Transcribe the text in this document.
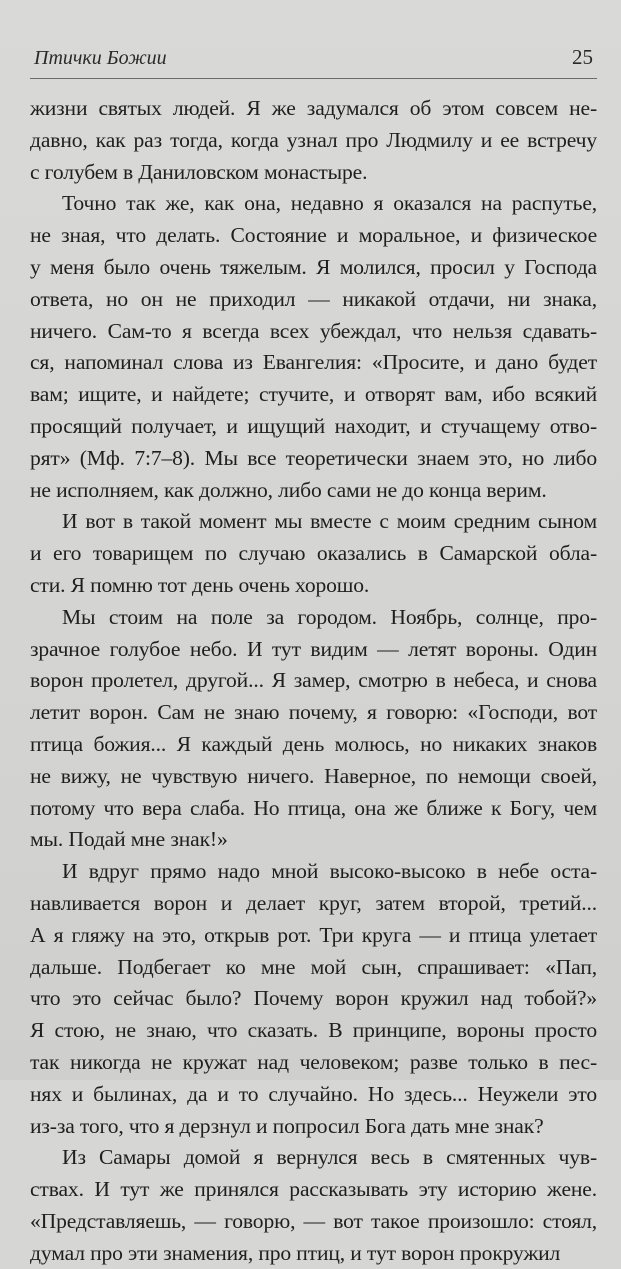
Птички Божии	25

жизни святых людей. Я же задумался об этом совсем не-
давно, как раз тогда, когда узнал про Людмилу и ее встречу
с голубем в Даниловском монастыре.

Точно так же, как она, недавно я оказался на распутье,
не зная, что делать. Состояние и моральное, и физическое
у меня было очень тяжелым. Я молился, просил у Господа
ответа, но он не приходил — никакой отдачи, ни знака,
ничего. Сам-то я всегда всех убеждал, что нельзя сдавать-
ся, напоминал слова из Евангелия: «Просите, и дано будет
вам; ищите, и найдете; стучите, и отворят вам, ибо всякий
просящий получает, и ищущий находит, и стучащему отво-
рят» (Мф. 7:7–8). Мы все теоретически знаем это, но либо
не исполняем, как должно, либо сами не до конца верим.

И вот в такой момент мы вместе с моим средним сыном
и его товарищем по случаю оказались в Самарской обла-
сти. Я помню тот день очень хорошо.

Мы стоим на поле за городом. Ноябрь, солнце, про-
зрачное голубое небо. И тут видим — летят вороны. Один
ворон пролетел, другой... Я замер, смотрю в небеса, и снова
летит ворон. Сам не знаю почему, я говорю: «Господи, вот
птица божия... Я каждый день молюсь, но никаких знаков
не вижу, не чувствую ничего. Наверное, по немощи своей,
потому что вера слаба. Но птица, она же ближе к Богу, чем
мы. Подай мне знак!»

И вдруг прямо надо мной высоко-высоко в небе оста-
навливается ворон и делает круг, затем второй, третий...
А я гляжу на это, открыв рот. Три круга — и птица улетает
дальше. Подбегает ко мне мой сын, спрашивает: «Пап,
что это сейчас было? Почему ворон кружил над тобой?»
Я стою, не знаю, что сказать. В принципе, вороны просто
так никогда не кружат над человеком; разве только в пес-
нях и былинах, да и то случайно. Но здесь... Неужели это
из-за того, что я дерзнул и попросил Бога дать мне знак?

Из Самары домой я вернулся весь в смятенных чув-
ствах. И тут же принялся рассказывать эту историю жене.
«Представляешь, — говорю, — вот такое произошло: стоял,
думал про эти знамения, про птиц, и тут ворон прокружил
